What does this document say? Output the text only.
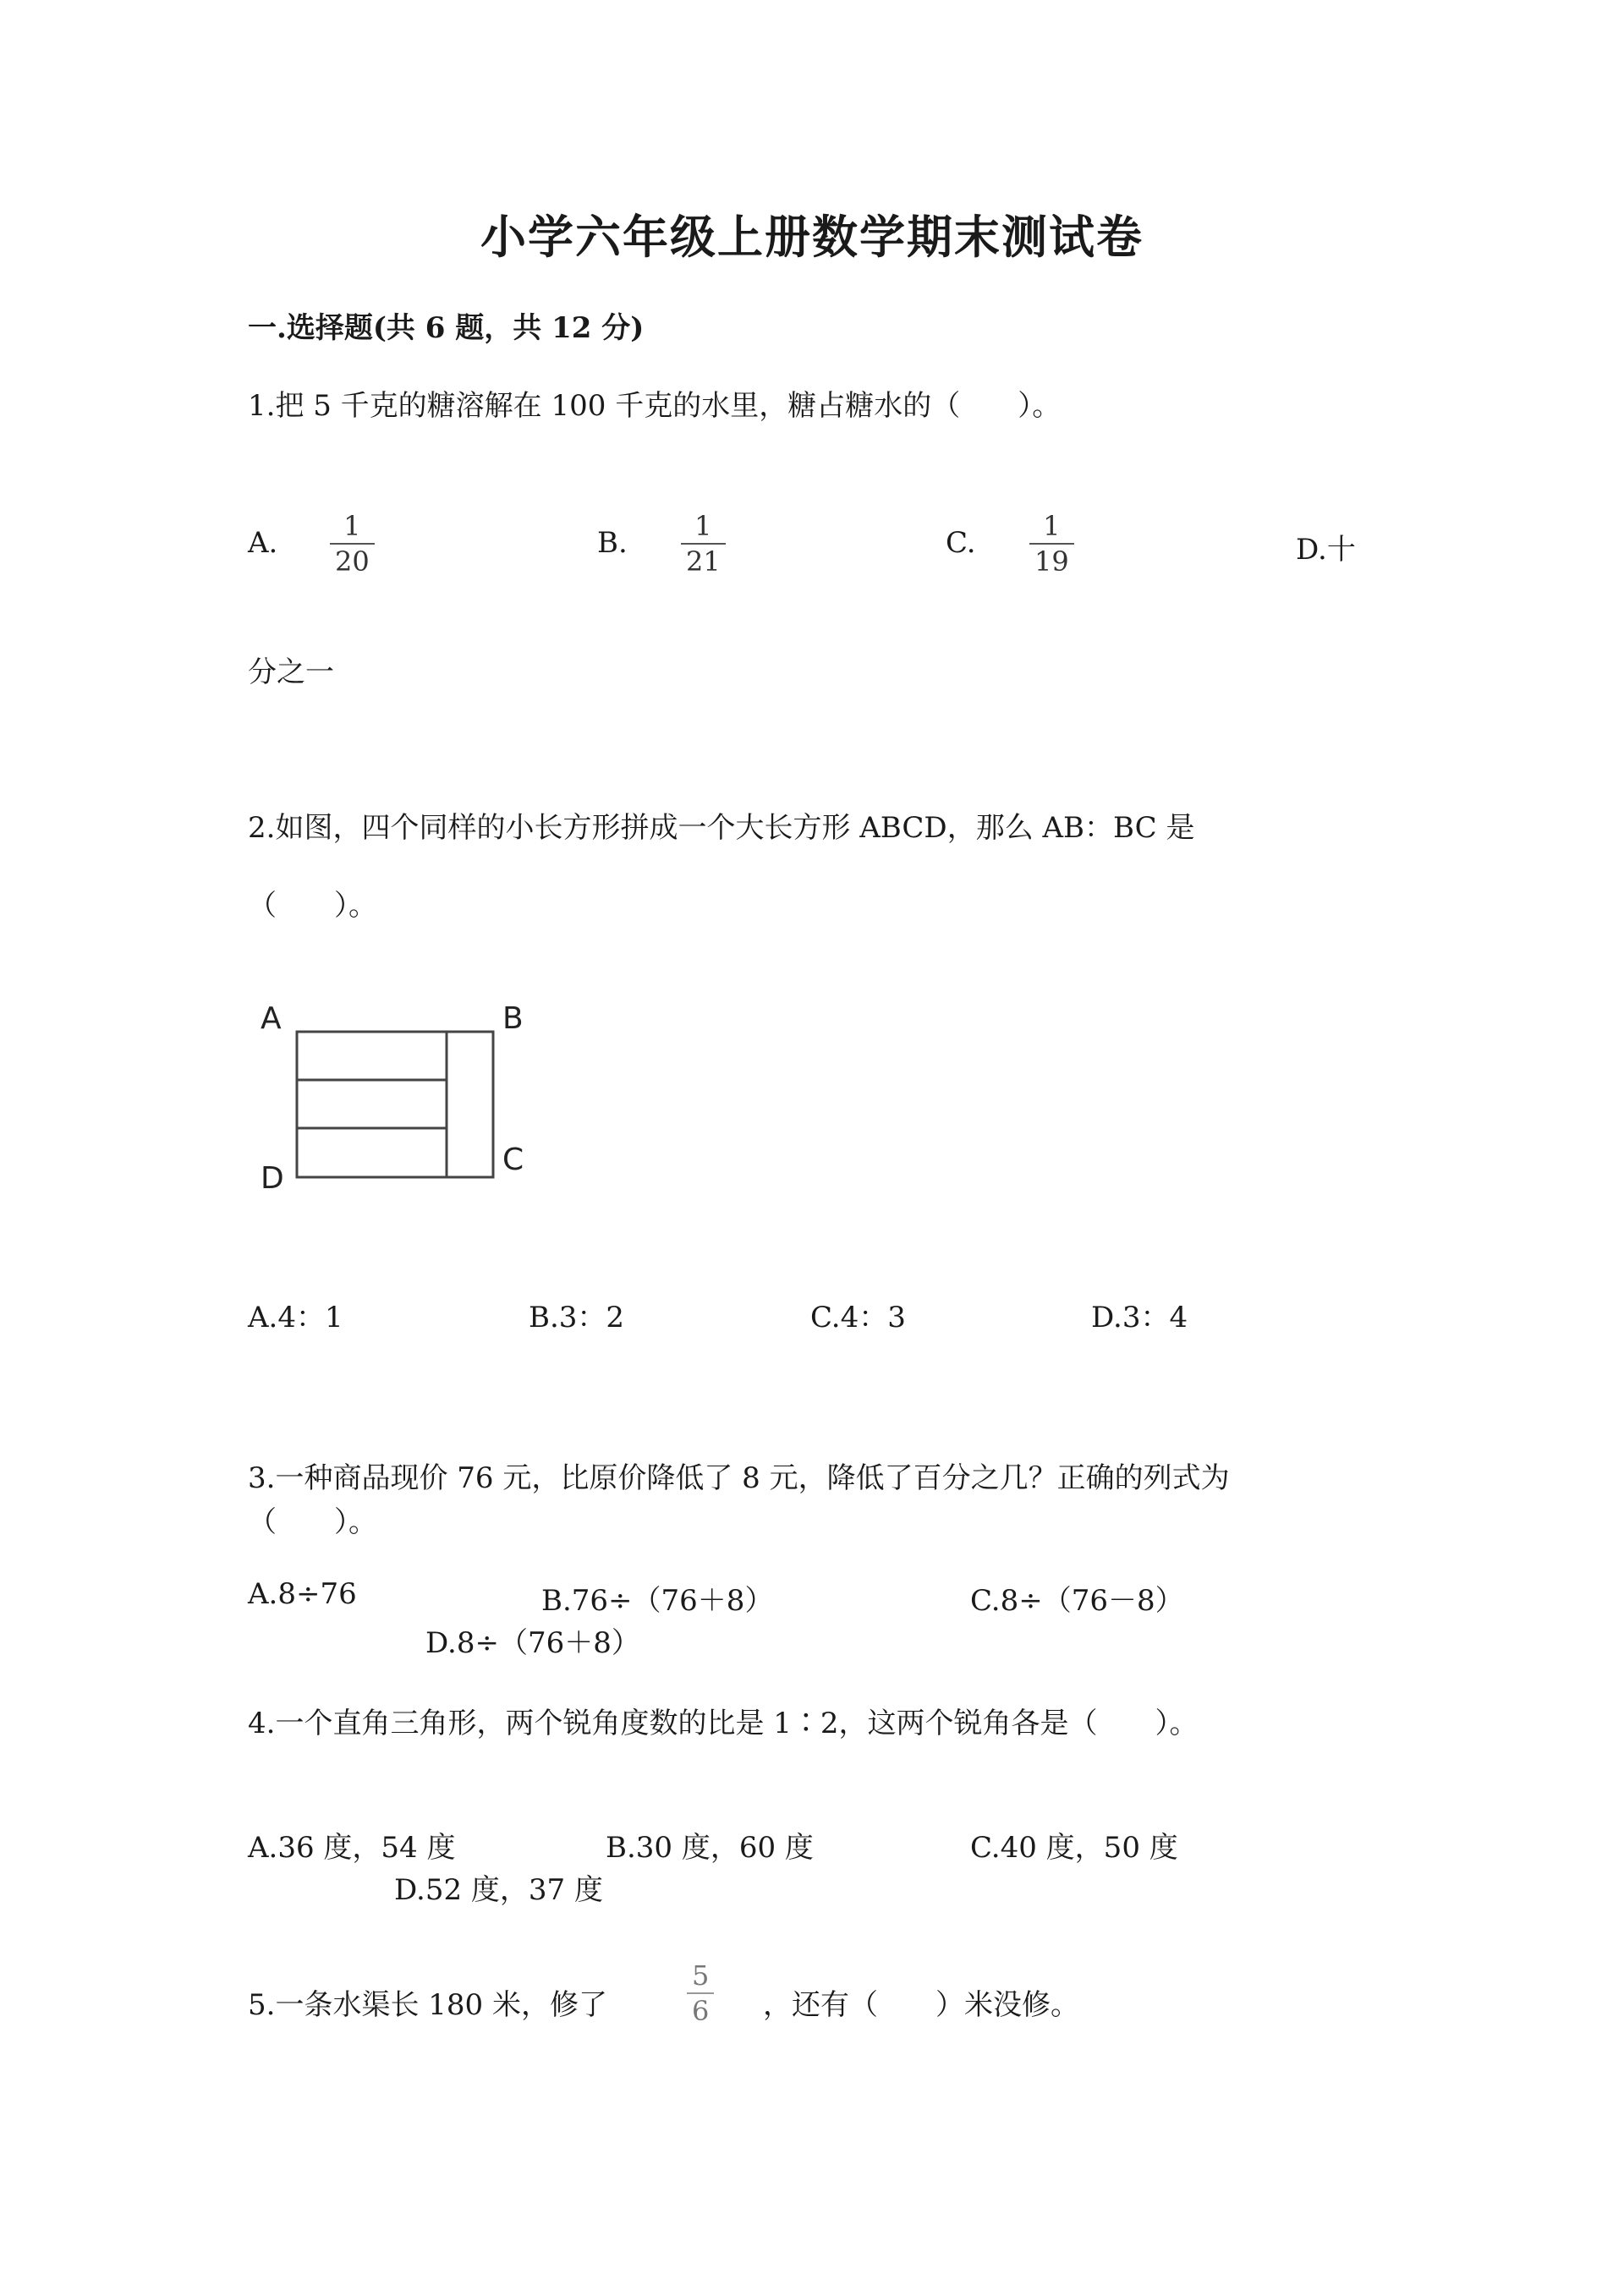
小学六年级上册数学期末测试卷
一.选择题(共 6 题，共 12 分)
1.把 5 千克的糖溶解在 100 千克的水里，糖占糖水的（　　）。
A. 1
20
B. 1
21
C. 1
19	D.十
分之一
2.如图，四个同样的小长方形拼成一个大长方形 ABCD，那么 AB：BC 是
（　　）。
A	B
C
D
A.4：1	B.3：2	C.4：3	D.3：4
3.一种商品现价 76 元，比原价降低了 8 元，降低了百分之几？正确的列式为
（　　）。
A.8÷76	B.76÷（76＋8）	C.8÷（76－8）
D.8÷（76＋8）
4.一个直角三角形，两个锐角度数的比是 1∶2，这两个锐角各是（　　）。
A.36 度，54 度	B.30 度，60 度	C.40 度，50 度
D.52 度，37 度
5.一条水渠长 180 米，修了
5
6 ，还有（　　）米没修。
